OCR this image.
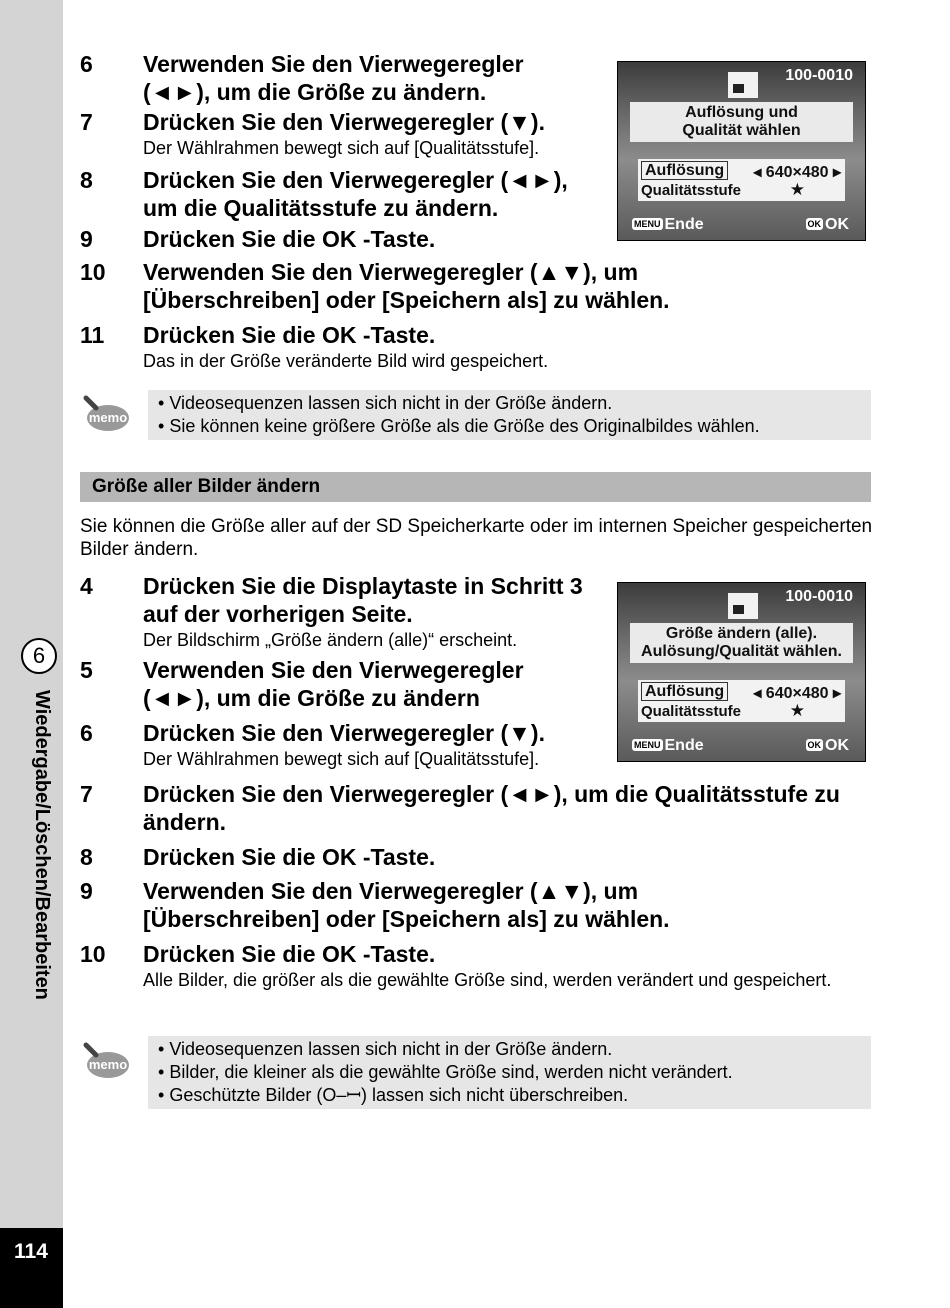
6
Wiedergabe/Löschen/Bearbeiten
114
6 Verwenden Sie den Vierwegeregler (◄►), um die Größe zu ändern.
7 Drücken Sie den Vierwegeregler (▼).
Der Wählrahmen bewegt sich auf [Qualitätsstufe].
8 Drücken Sie den Vierwegeregler (◄►), um die Qualitätsstufe zu ändern.
9 Drücken Sie die OK -Taste.
10 Verwenden Sie den Vierwegeregler (▲▼), um [Überschreiben] oder [Speichern als] zu wählen.
11 Drücken Sie die OK -Taste.
Das in der Größe veränderte Bild wird gespeichert.
100-0010
Auflösung und
Qualität wählen
Auflösung ◂ 640×480 ▸
Qualitätsstufe	★
MENU Ende	OK OK
memo
• Videosequenzen lassen sich nicht in der Größe ändern.
• Sie können keine größere Größe als die Größe des Originalbildes wählen.
Größe aller Bilder ändern
Sie können die Größe aller auf der SD Speicherkarte oder im internen Speicher gespeicherten Bilder ändern.
4 Drücken Sie die Displaytaste in Schritt 3 auf der vorherigen Seite.
Der Bildschirm „Größe ändern (alle)“ erscheint.
5 Verwenden Sie den Vierwegeregler (◄►), um die Größe zu ändern
6 Drücken Sie den Vierwegeregler (▼).
Der Wählrahmen bewegt sich auf [Qualitätsstufe].
7 Drücken Sie den Vierwegeregler (◄►), um die Qualitätsstufe zu ändern.
8 Drücken Sie die OK -Taste.
9 Verwenden Sie den Vierwegeregler (▲▼), um [Überschreiben] oder [Speichern als] zu wählen.
10 Drücken Sie die OK -Taste.
Alle Bilder, die größer als die gewählte Größe sind, werden verändert und gespeichert.
100-0010
Größe ändern (alle).
Aulösung/Qualität wählen.
Auflösung ◂ 640×480 ▸
Qualitätsstufe	★
MENU Ende	OK OK
memo
• Videosequenzen lassen sich nicht in der Größe ändern.
• Bilder, die kleiner als die gewählte Größe sind, werden nicht verändert.
• Geschützte Bilder (O‒ꟷ) lassen sich nicht überschreiben.
